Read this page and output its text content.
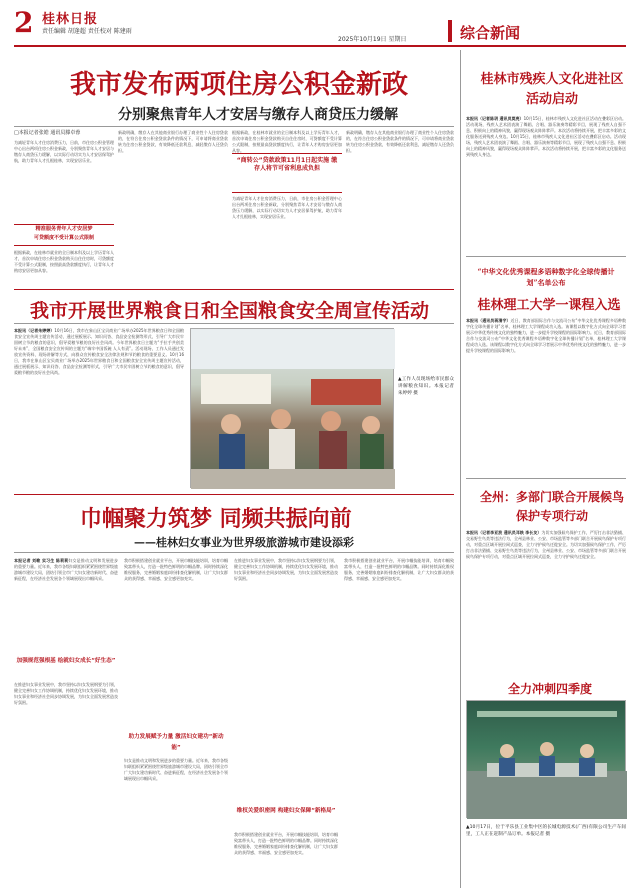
2 桂林日报
责任编辑 胡逢超 责任校对 陈建雨
2025年10月19日 星期日	综合新闻
我市发布两项住房公积金新政
分别聚焦青年人才安居与缴存人商贷压力缓解
□本报记者张皓 通讯员滕卓蓉
为减轻青年人才住房消费压力，日前，市住房公积金管理中心出台两项住房公积金新政，分别聚焦青年人才安居与缴存人商贷压力缓解，以实际行动切实为人才安居保驾护航，助力青年人才扎根桂林，实现安居乐业。
精准服务青年人才安居梦
可贷额度不受计算公式限制
根据新政，在桂林市就业的全日制本科及以上学历青年人才，首次申请住房公积金贷款购买自住住房时，可贷额度不受计算公式限制，按照最高贷款额度执行，让青年人才购房安居更加从容。
新政明确，缴存人在其他商业银行办理了商业性个人住房贷款的，在符合住房公积金贷款条件的情况下，可申请将商业贷款转为住房公积金贷款，有效降低还款利息，减轻缴存人还贷负担。
根据新政，在桂林市就业的全日制本科及以上学历青年人才，首次申请住房公积金贷款购买自住住房时，可贷额度不受计算公式限制，按照最高贷款额度执行，让青年人才购房安居更加从容。
“商转公”贷款政策11月1日起实施 缴存人将节可省利息成负担
为减轻青年人才住房消费压力，日前，市住房公积金管理中心出台两项住房公积金新政，分别聚焦青年人才安居与缴存人商贷压力缓解，以实际行动切实为人才安居保驾护航，助力青年人才扎根桂林，实现安居乐业。
新政明确，缴存人在其他商业银行办理了商业性个人住房贷款的，在符合住房公积金贷款条件的情况下，可申请将商业贷款转为住房公积金贷款，有效降低还款利息，减轻缴存人还贷负担。
我市开展世界粮食日和全国粮食安全周宣传活动
本报讯（记者朱婷婷）10月16日，我市在象山区宝贝商业广场举办2025年世界粮食日和全国粮食安全宣传周主题宣传活动，通过展板展示、知识问答、食品安全检测等形式，引导广大市民牢固树立节约粮食的意识，倡导爱粮节粮的良好社会风尚。今年世界粮食日主题为“手拉手共创美好未来”，全国粮食安全宣传周的主题为“端牢中国饭碗 人人有责”。活动现场，工作人员通过发放宣传资料、现场讲解等方式，向群众宣传粮食安全法律法规和节约粮食的重要意义。10月16日，我市在象山区宝贝商业广场举办2025年世界粮食日和全国粮食安全宣传周主题宣传活动，通过展板展示、知识问答、食品安全检测等形式，引导广大市民牢固树立节约粮食的意识，倡导爱粮节粮的良好社会风尚。
▲工作人员现场给市民群众讲解粮食知识。本报记者 朱婷婷 摄
巾帼聚力筑梦 同频共振向前
——桂林妇女事业为世界级旅游城市建设添彩
本报记者 刘歌 实习生 陈莉莉妇女是推动文明和发展进步的重要力量。近年来，我市各级妇联组织紧紧围绕世界级旅游城市建设大局，团结引领全市广大妇女建功新时代、奋进新征程，在经济社会发展各个领域展现出巾帼风采。
加强规范强根基 绘就妇女成长“好生态”
在推进妇女事业发展中，我市坚持以妇女发展纲要为引领，健全完善妇女工作协调机制，持续优化妇女发展环境，推动妇女事业和经济社会同步协调发展，为妇女全面发展营造良好氛围。
我市积极搭建创业就业平台，开展巾帼技能培训，培育巾帼致富带头人，打造一批特色鲜明的巾帼品牌。同时持续深化维权服务，完善婚姻家庭纠纷排查化解机制，让广大妇女群众的获得感、幸福感、安全感更加充实。
助力发展赋予力量 激活妇女建功“新动能”
妇女是推动文明和发展进步的重要力量。近年来，我市各级妇联组织紧紧围绕世界级旅游城市建设大局，团结引领全市广大妇女建功新时代、奋进新征程，在经济社会发展各个领域展现出巾帼风采。
在推进妇女事业发展中，我市坚持以妇女发展纲要为引领，健全完善妇女工作协调机制，持续优化妇女发展环境，推动妇女事业和经济社会同步协调发展，为妇女全面发展营造良好氛围。
维权关爱织密网 构建妇女保障“新格局”
我市积极搭建创业就业平台，开展巾帼技能培训，培育巾帼致富带头人，打造一批特色鲜明的巾帼品牌。同时持续深化维权服务，完善婚姻家庭纠纷排查化解机制，让广大妇女群众的获得感、幸福感、安全感更加充实。
我市积极搭建创业就业平台，开展巾帼技能培训，培育巾帼致富带头人，打造一批特色鲜明的巾帼品牌。同时持续深化维权服务，完善婚姻家庭纠纷排查化解机制，让广大妇女群众的获得感、幸福感、安全感更加充实。
桂林市残疾人文化进社区活动启动
本报讯（记者陈玥 通讯员莫亮）10月15日，桂林市残疾人文化进社区活动在叠彩区启动。活动现场，残疾人艺术团表演了舞蹈、合唱、器乐演奏等精彩节目，展现了残疾人自强不息、积极向上的精神风貌，赢得现场观众阵阵掌声。本次活动将持续开展，把丰富多彩的文化服务送到残疾人身边。10月15日，桂林市残疾人文化进社区活动在叠彩区启动。活动现场，残疾人艺术团表演了舞蹈、合唱、器乐演奏等精彩节目，展现了残疾人自强不息、积极向上的精神风貌，赢得现场观众阵阵掌声。本次活动将持续开展，把丰富多彩的文化服务送到残疾人身边。
“中华文化优秀课程多语种数字化全球传播计划”名单公布
桂林理工大学一课程入选
本报讯（通讯员蒋清宇）近日，教育部国际合作与交流司公布“中华文化优秀课程多语种数字化全球传播计划”名单，桂林理工大学课程成功入选。该课程以数字化方式向全球学习者展示中华优秀传统文化的独特魅力，进一步提升学校课程的国际影响力。近日，教育部国际合作与交流司公布“中华文化优秀课程多语种数字化全球传播计划”名单，桂林理工大学课程成功入选。该课程以数字化方式向全球学习者展示中华优秀传统文化的独特魅力，进一步提升学校课程的国际影响力。
全州：多部门联合开展候鸟保护专项行动
本报讯（记者李亚波 通讯员邓轶 李长友）为切实加强候鸟保护工作，严厉打击非法猎捕、交易野生鸟类等违法行为，全州县林业、公安、市场监管等多部门联合开展候鸟保护专项行动，对重点区域开展拉网式巡查，全力守护候鸟迁徙安全。为切实加强候鸟保护工作，严厉打击非法猎捕、交易野生鸟类等违法行为，全州县林业、公安、市场监管等多部门联合开展候鸟保护专项行动，对重点区域开展拉网式巡查，全力守护候鸟迁徙安全。
全力冲刺四季度
▲10月17日，位于平乐县工业集中区的长城电源技术(广西)有限公司生产车间里，工人正在赶制产品订单。本报记者 摄
